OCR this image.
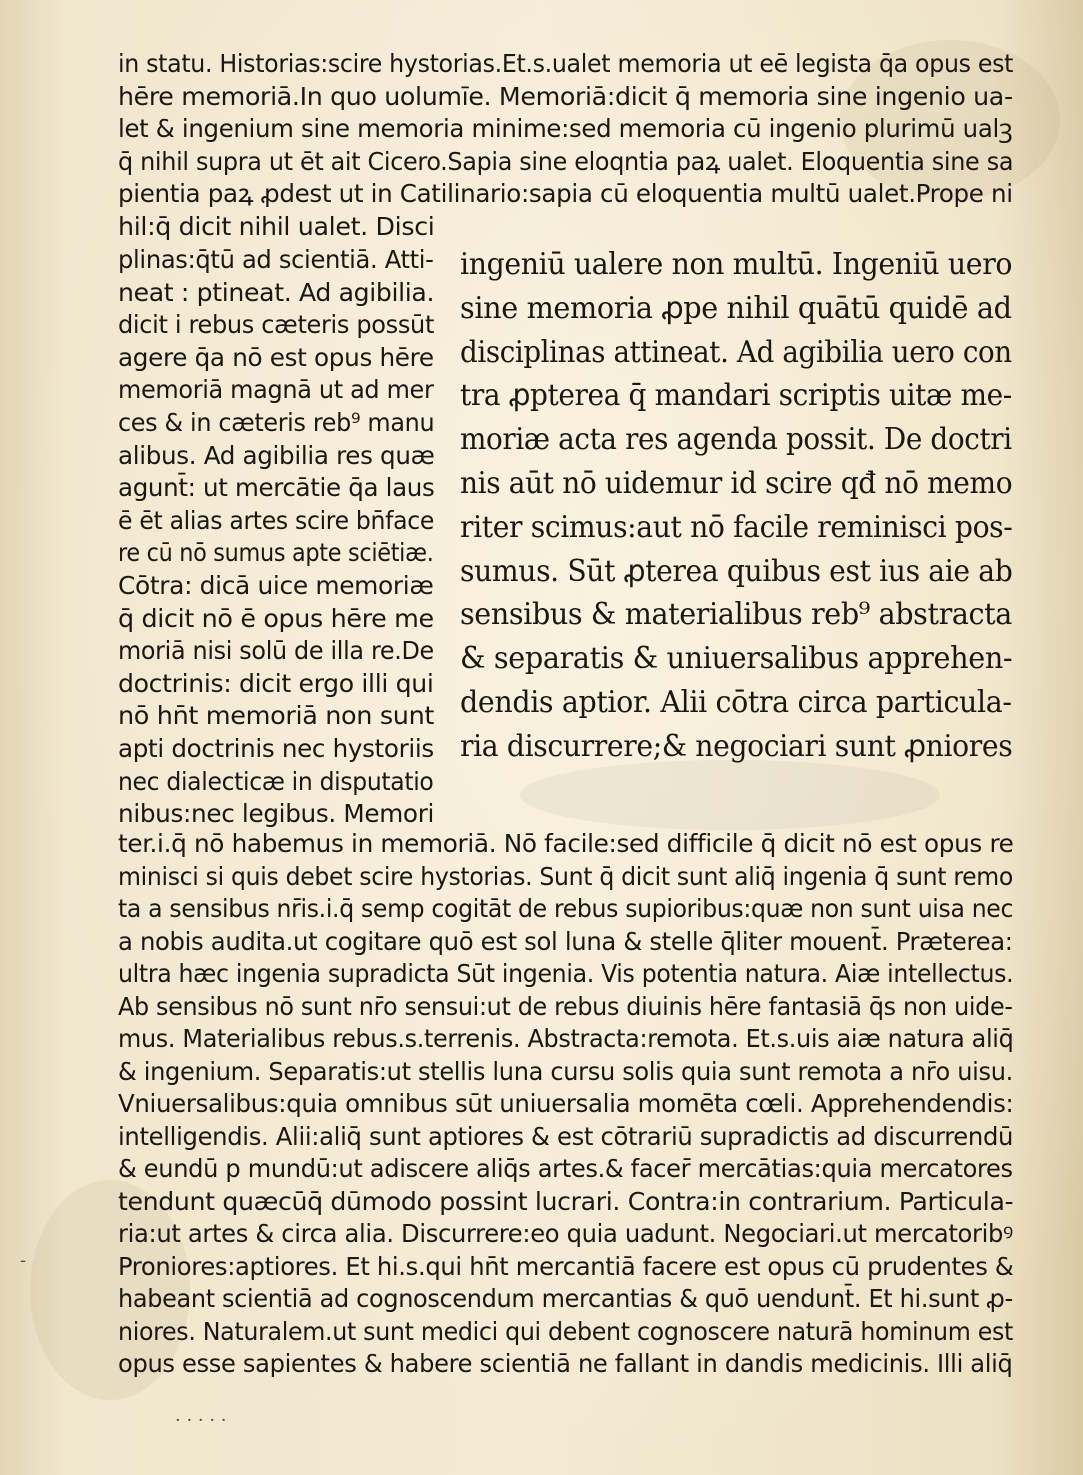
in statu. Historias:scire hystorias.Et.s.ualet memoria ut eē legista q̄a opus est
hēre memoriā.In quo uolumīe. Memoriā:dicit q̄ memoria sine ingenio ua-
let & ingenium sine memoria minime:sed memoria cū ingenio plurimū ualꝫ
q̄ nihil supra ut ēt ait Cicero.Sapia sine eloqntia paꝝ ualet. Eloquentia sine sa
pientia paꝝ ꝓdest ut in Catilinario:sapia cū eloquentia multū ualet.Prope ni
hil:q̄ dicit nihil ualet. Disci
plinas:q̄tū ad scientiā. Atti-
neat : ptineat. Ad agibilia.
dicit i rebus cæteris possūt
agere q̄a nō est opus hēre
memoriā magnā ut ad mer
ces & in cæteris reb⁹ manu
alibus. Ad agibilia res quæ
agunt̄: ut mercātie q̄a laus
ē ēt alias artes scire bn̄face
re cū nō sumus apte sciētiæ.
Cōtra: dicā uice memoriæ
q̄ dicit nō ē opus hēre me
moriā nisi solū de illa re.De
doctrinis: dicit ergo illi qui
nō hn̄t memoriā non sunt
apti doctrinis nec hystoriis
nec dialecticæ in disputatio
nibus:nec legibus. Memori
ingeniū ualere non multū. Ingeniū uero
sine memoria ꝓpe nihil quātū quidē ad
disciplinas attineat. Ad agibilia uero con
tra ꝓpterea q̄ mandari scriptis uitæ me-
moriæ acta res agenda possit. De doctri
nis aūt nō uidemur id scire qđ nō memo
riter scimus:aut nō facile reminisci pos-
sumus. Sūt ꝓterea quibus est ius aie ab
sensibus & materialibus reb⁹ abstracta
& separatis & uniuersalibus apprehen-
dendis aptior. Alii cōtra circa particula-
ria discurrere;& negociari sunt ꝓniores
ter.i.q̄ nō habemus in memoriā. Nō facile:sed difficile q̄ dicit nō est opus re
minisci si quis debet scire hystorias. Sunt q̄ dicit sunt aliq̄ ingenia q̄ sunt remo
ta a sensibus nr̄is.i.q̄ semp cogitāt de rebus supioribus:quæ non sunt uisa nec
a nobis audita.ut cogitare quō est sol luna & stelle q̄liter mouent̄. Præterea:
ultra hæc ingenia supradicta Sūt ingenia. Vis potentia natura. Aiæ intellectus.
Ab sensibus nō sunt nr̄o sensui:ut de rebus diuinis hēre fantasiā q̄s non uide-
mus. Materialibus rebus.s.terrenis. Abstracta:remota. Et.s.uis aiæ natura aliq̄
& ingenium. Separatis:ut stellis luna cursu solis quia sunt remota a nr̄o uisu.
Vniuersalibus:quia omnibus sūt uniuersalia momēta cœli. Apprehendendis:
intelligendis. Alii:aliq̄ sunt aptiores & est cōtrariū supradictis ad discurrendū
& eundū p mundū:ut adiscere aliq̄s artes.& facer̄ mercātias:quia mercatores
tendunt quæcūq̄ dūmodo possint lucrari. Contra:in contrarium. Particula-
ria:ut artes & circa alia. Discurrere:eo quia uadunt. Negociari.ut mercatoribꝰ
Proniores:aptiores. Et hi.s.qui hn̄t mercantiā facere est opus cū prudentes &
habeant scientiā ad cognoscendum mercantias & quō uendunt̄. Et hi.sunt ꝓ-
niores. Naturalem.ut sunt medici qui debent cognoscere naturā hominum est
opus esse sapientes & habere scientiā ne fallant in dandis medicinis. Illi aliq̄
· · · · ·
-
